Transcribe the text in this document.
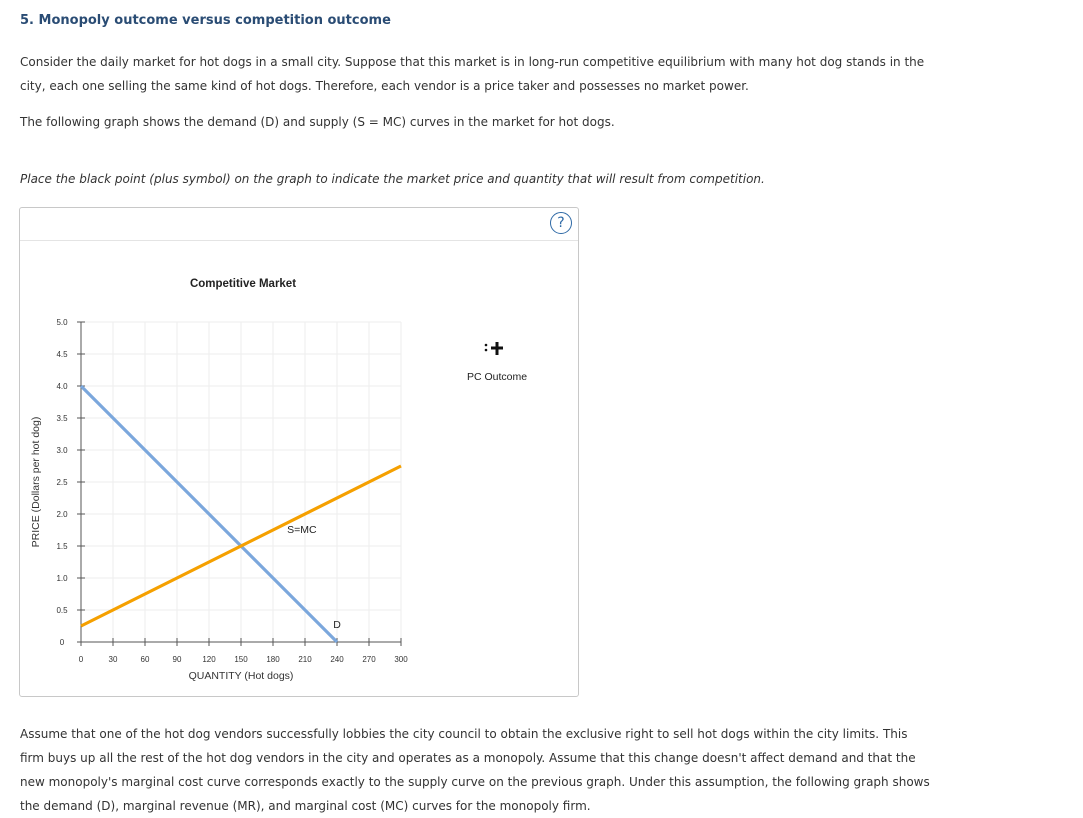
5. Monopoly outcome versus competition outcome

Consider the daily market for hot dogs in a small city. Suppose that this market is in long-run competitive equilibrium with many hot dog stands in the
city, each one selling the same kind of hot dogs. Therefore, each vendor is a price taker and possesses no market power.

The following graph shows the demand (D) and supply (S = MC) curves in the market for hot dogs.

Place the black point (plus symbol) on the graph to indicate the market price and quantity that will result from competition.

?
Competitive Market
0
0.5
1.0
1.5
2.0
2.5
3.0
3.5
4.0
4.5
5.0
0	30	60	90	120 150 180 210 240 270 300
PRICE (Dollars per hot dog)
QUANTITY (Hot dogs)
D
S=MC
PC Outcome

Assume that one of the hot dog vendors successfully lobbies the city council to obtain the exclusive right to sell hot dogs within the city limits. This
firm buys up all the rest of the hot dog vendors in the city and operates as a monopoly. Assume that this change doesn't affect demand and that the
new monopoly's marginal cost curve corresponds exactly to the supply curve on the previous graph. Under this assumption, the following graph shows
the demand (D), marginal revenue (MR), and marginal cost (MC) curves for the monopoly firm.
